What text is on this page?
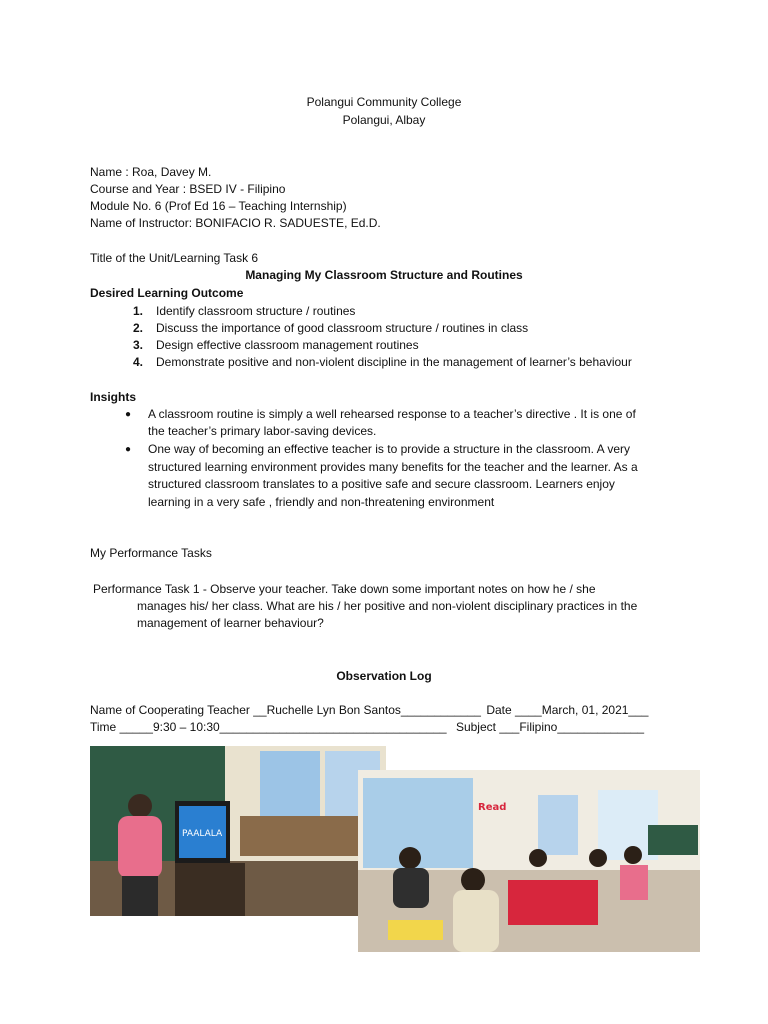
Polangui Community College
Polangui, Albay
Name : Roa, Davey M.
Course and Year : BSED IV - Filipino
Module No. 6 (Prof Ed 16 – Teaching Internship)
Name of Instructor: BONIFACIO R. SADUESTE, Ed.D.
Title of the Unit/Learning Task 6
Managing My Classroom Structure and Routines
Desired Learning Outcome
1. Identify classroom structure / routines
2. Discuss the importance of good classroom structure / routines in class
3. Design effective classroom management routines
4. Demonstrate positive and non-violent discipline in the management of learner’s behaviour
Insights
● A classroom routine is simply a well rehearsed response to a teacher’s directive . It is one of
the teacher’s primary labor-saving devices.
● One way of becoming an effective teacher is to provide a structure in the classroom. A very
structured learning environment provides many benefits for the teacher and the learner. As a
structured classroom translates to a positive safe and secure classroom. Learners enjoy
learning in a very safe , friendly and non-threatening environment
My Performance Tasks
Performance Task 1 - Observe your teacher. Take down some important notes on how he / she
manages his/ her class. What are his / her positive and non-violent disciplinary practices in the
management of learner behaviour?
Observation Log
Name of Cooperating Teacher __Ruchelle Lyn Bon Santos____________ Date ____March, 01, 2021___
Time _____9:30 – 10:30__________________________________ Subject ___Filipino_____________
PAALALA
Read
